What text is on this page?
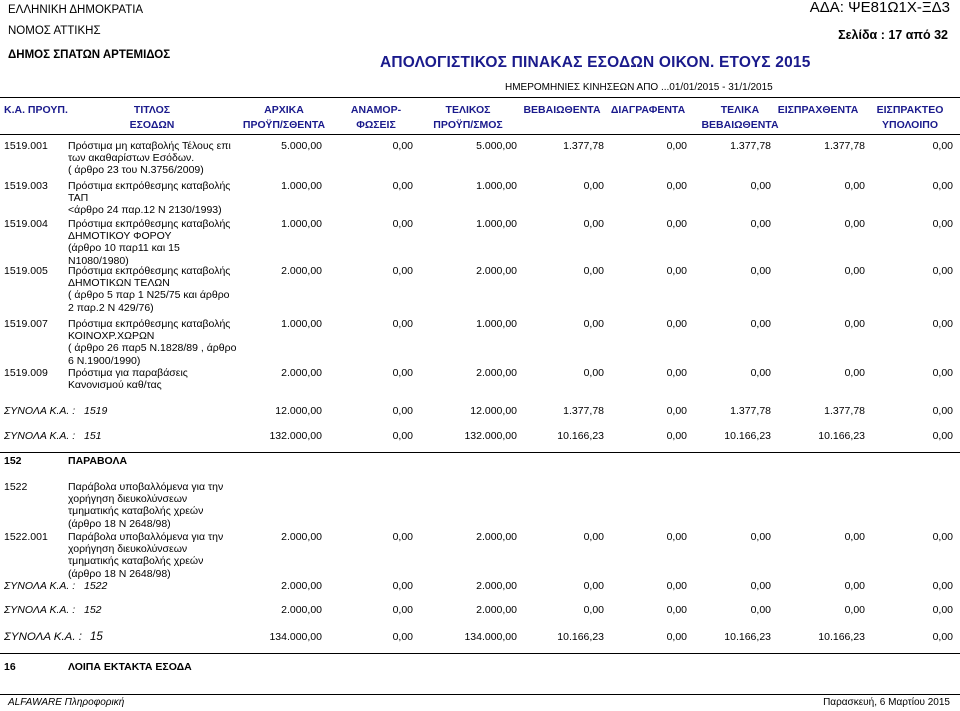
ΕΛΛΗΝΙΚΗ ΔΗΜΟΚΡΑΤΙΑ
ΝΟΜΟΣ ΑΤΤΙΚΗΣ
ΔΗΜΟΣ ΣΠΑΤΩΝ ΑΡΤΕΜΙΔΟΣ
ΑΔΑ: ΨΕ81Ω1Χ-ΞΔ3
Σελίδα : 17 από 32
ΑΠΟΛΟΓΙΣΤΙΚΟΣ ΠΙΝΑΚΑΣ ΕΣΟΔΩΝ ΟΙΚΟΝ. ΕΤΟΥΣ 2015
ΗΜΕΡΟΜΗΝΙΕΣ ΚΙΝΗΣΕΩΝ ΑΠΟ ...01/01/2015 - 31/1/2015
Κ.Α. ΠΡΟΥΠ.	ΤΙΤΛΟΣ
ΕΣΟΔΩΝ
ΑΡΧΙΚΑ
ΠΡΟΫΠ/ΣΘΕΝΤΑ
ΑΝΑΜΟΡ-
ΦΩΣΕΙΣ
ΤΕΛΙΚΟΣ
ΠΡΟΫΠ/ΣΜΟΣ
ΒΕΒΑΙΩΘΕΝΤΑ ΔΙΑΓΡΑΦΕΝΤΑ	ΤΕΛΙΚΑ
ΒΕΒΑΙΩΘΕΝΤΑ
ΕΙΣΠΡΑΧΘΕΝΤΑ	ΕΙΣΠΡΑΚΤΕΟ
ΥΠΟΛΟΙΠΟ
1519.001 Πρόστιμα μη καταβολής Τέλους επι
των ακαθαρίστων Εσόδων.
( άρθρο 23 του Ν.3756/2009)
5.000,00	0,00	5.000,00	1.377,78	0,00	1.377,78	1.377,78	0,00
1519.003 Πρόστιμα εκπρόθεσμης καταβολής
ΤΑΠ
<άρθρο 24 παρ.12 Ν 2130/1993)
1.000,00	0,00	1.000,00	0,00	0,00	0,00	0,00	0,00
1519.004 Πρόστιμα εκπρόθεσμης καταβολής
ΔΗΜΟΤΙΚΟΥ ΦΟΡΟΥ
(άρθρο 10 παρ11 και 15
Ν1080/1980)
1.000,00	0,00	1.000,00	0,00	0,00	0,00	0,00	0,00
1519.005 Πρόστιμα εκπρόθεσμης καταβολής
ΔΗΜΟΤΙΚΩΝ ΤΕΛΩΝ
( άρθρο 5 παρ 1 Ν25/75 και άρθρο
2 παρ.2 Ν 429/76)
2.000,00	0,00	2.000,00	0,00	0,00	0,00	0,00	0,00
1519.007 Πρόστιμα εκπρόθεσμης καταβολής
ΚΟΙΝΟΧΡ.ΧΩΡΩΝ
( άρθρο 26 παρ5 Ν.1828/89 , άρθρο
6 Ν.1900/1990)
1.000,00	0,00	1.000,00	0,00	0,00	0,00	0,00	0,00
1519.009 Πρόστιμα για παραβάσεις
Κανονισμού καθ/τας
2.000,00	0,00	2.000,00	0,00	0,00	0,00	0,00	0,00
ΣΥΝΟΛΑ Κ.Α. : 1519	12.000,00	0,00	12.000,00	1.377,78	0,00	1.377,78	1.377,78	0,00
ΣΥΝΟΛΑ Κ.Α. : 151	132.000,00	0,00	132.000,00	10.166,23	0,00	10.166,23	10.166,23	0,00
152	ΠΑΡΑΒΟΛΑ
1522	Παράβολα υποβαλλόμενα για την
χορήγηση διευκολύνσεων
τμηματικής καταβολής χρεών
(άρθρο 18 Ν 2648/98)
1522.001 Παράβολα υποβαλλόμενα για την
χορήγηση διευκολύνσεων
τμηματικής καταβολής χρεών
(άρθρο 18 Ν 2648/98)
2.000,00	0,00	2.000,00	0,00	0,00	0,00	0,00	0,00
ΣΥΝΟΛΑ Κ.Α. : 1522	2.000,00	0,00	2.000,00	0,00	0,00	0,00	0,00	0,00
ΣΥΝΟΛΑ Κ.Α. : 152	2.000,00	0,00	2.000,00	0,00	0,00	0,00	0,00	0,00
ΣΥΝΟΛΑ Κ.Α. : 15	134.000,00	0,00	134.000,00	10.166,23	0,00	10.166,23	10.166,23	0,00
16	ΛΟΙΠΑ ΕΚΤΑΚΤΑ ΕΣΟΔΑ
ALFAWARE Πληροφορική	Παρασκευή, 6 Μαρτίου 2015
